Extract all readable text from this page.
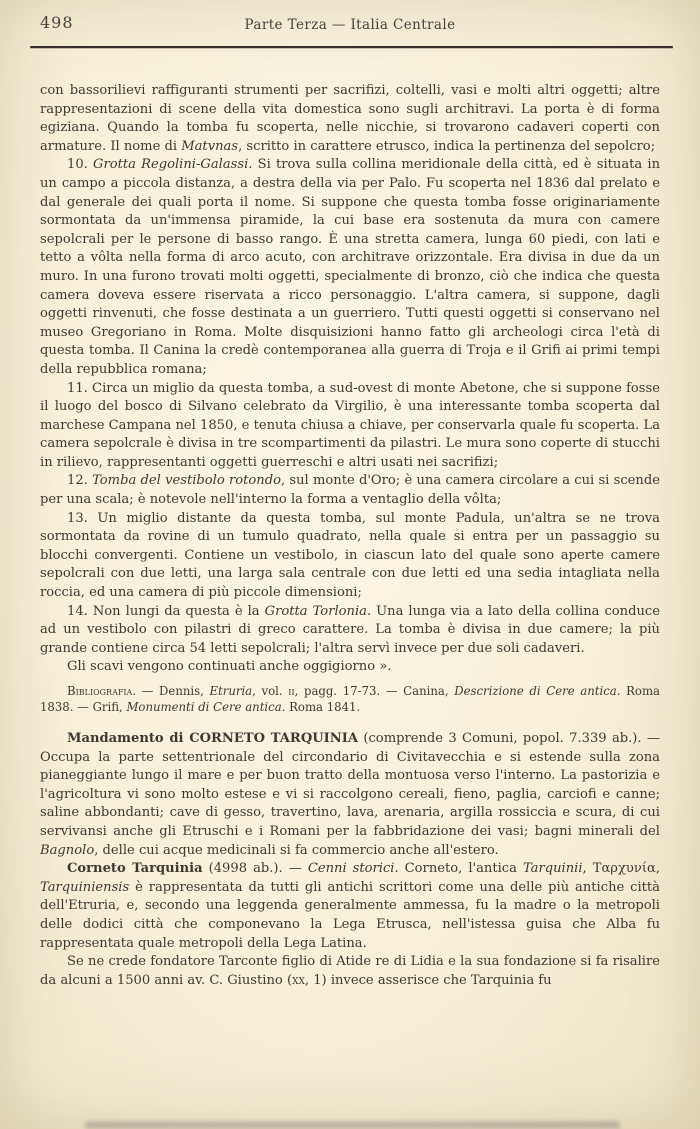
498	Parte Terza — Italia Centrale

con bassorilievi raffiguranti strumenti per sacrifizi, coltelli, vasi e molti altri oggetti; altre rappresentazioni di scene della vita domestica sono sugli architravi. La porta è di forma egiziana. Quando la tomba fu scoperta, nelle nicchie, si trovarono cadaveri coperti con armature. Il nome di Matvnas, scritto in carattere etrusco, indica la pertinenza del sepolcro;

10. Grotta Regolini-Galassi. Si trova sulla collina meridionale della città, ed è situata in un campo a piccola distanza, a destra della via per Palo. Fu scoperta nel 1836 dal prelato e dal generale dei quali porta il nome. Si suppone che questa tomba fosse originariamente sormontata da un'immensa piramide, la cui base era sostenuta da mura con camere sepolcrali per le persone di basso rango. È una stretta camera, lunga 60 piedi, con lati e tetto a vôlta nella forma di arco acuto, con architrave orizzontale. Era divisa in due da un muro. In una furono trovati molti oggetti, specialmente di bronzo, ciò che indica che questa camera doveva essere riservata a ricco personaggio. L'altra camera, si suppone, dagli oggetti rinvenuti, che fosse destinata a un guerriero. Tutti questi oggetti si conservano nel museo Gregoriano in Roma. Molte disquisizioni hanno fatto gli archeologi circa l'età di questa tomba. Il Canina la credè contemporanea alla guerra di Troja e il Grifi ai primi tempi della repubblica romana;

11. Circa un miglio da questa tomba, a sud-ovest di monte Abetone, che si suppone fosse il luogo del bosco di Silvano celebrato da Virgilio, è una interessante tomba scoperta dal marchese Campana nel 1850, e tenuta chiusa a chiave, per conservarla quale fu scoperta. La camera sepolcrale è divisa in tre scompartimenti da pilastri. Le mura sono coperte di stucchi in rilievo, rappresentanti oggetti guerreschi e altri usati nei sacrifizi;

12. Tomba del vestibolo rotondo, sul monte d'Oro; è una camera circolare a cui si scende per una scala; è notevole nell'interno la forma a ventaglio della vôlta;

13. Un miglio distante da questa tomba, sul monte Padula, un'altra se ne trova sormontata da rovine di un tumulo quadrato, nella quale si entra per un passaggio su blocchi convergenti. Contiene un vestibolo, in ciascun lato del quale sono aperte camere sepolcrali con due letti, una larga sala centrale con due letti ed una sedia intagliata nella roccia, ed una camera di più piccole dimensioni;

14. Non lungi da questa è la Grotta Torlonia. Una lunga via a lato della collina conduce ad un vestibolo con pilastri di greco carattere. La tomba è divisa in due camere; la più grande contiene circa 54 letti sepolcrali; l'altra servì invece per due soli cadaveri.

Gli scavi vengono continuati anche oggigiorno ».

Bibliografia. — Dennis, Etruria, vol. ii, pagg. 17-73. — Canina, Descrizione di Cere antica. Roma 1838. — Grifi, Monumenti di Cere antica. Roma 1841.

Mandamento di CORNETO TARQUINIA (comprende 3 Comuni, popol. 7.339 ab.). — Occupa la parte settentrionale del circondario di Civitavecchia e si estende sulla zona pianeggiante lungo il mare e per buon tratto della montuosa verso l'interno. La pastorizia e l'agricoltura vi sono molto estese e vi si raccolgono cereali, fieno, paglia, carciofi e canne; saline abbondanti; cave di gesso, travertino, lava, arenaria, argilla rossiccia e scura, di cui servivansi anche gli Etruschi e i Romani per la fabbridazione dei vasi; bagni minerali del Bagnolo, delle cui acque medicinali si fa commercio anche all'estero.

Corneto Tarquinia (4998 ab.). — Cenni storici. Corneto, l'antica Tarquinii, Ταρχυνία, Tarquiniensis è rappresentata da tutti gli antichi scrittori come una delle più antiche città dell'Etruria, e, secondo una leggenda generalmente ammessa, fu la madre o la metropoli delle dodici città che componevano la Lega Etrusca, nell'istessa guisa che Alba fu rappresentata quale metropoli della Lega Latina.

Se ne crede fondatore Tarconte figlio di Atide re di Lidia e la sua fondazione si fa risalire da alcuni a 1500 anni av. C. Giustino (xx, 1) invece asserisce che Tarquinia fu
